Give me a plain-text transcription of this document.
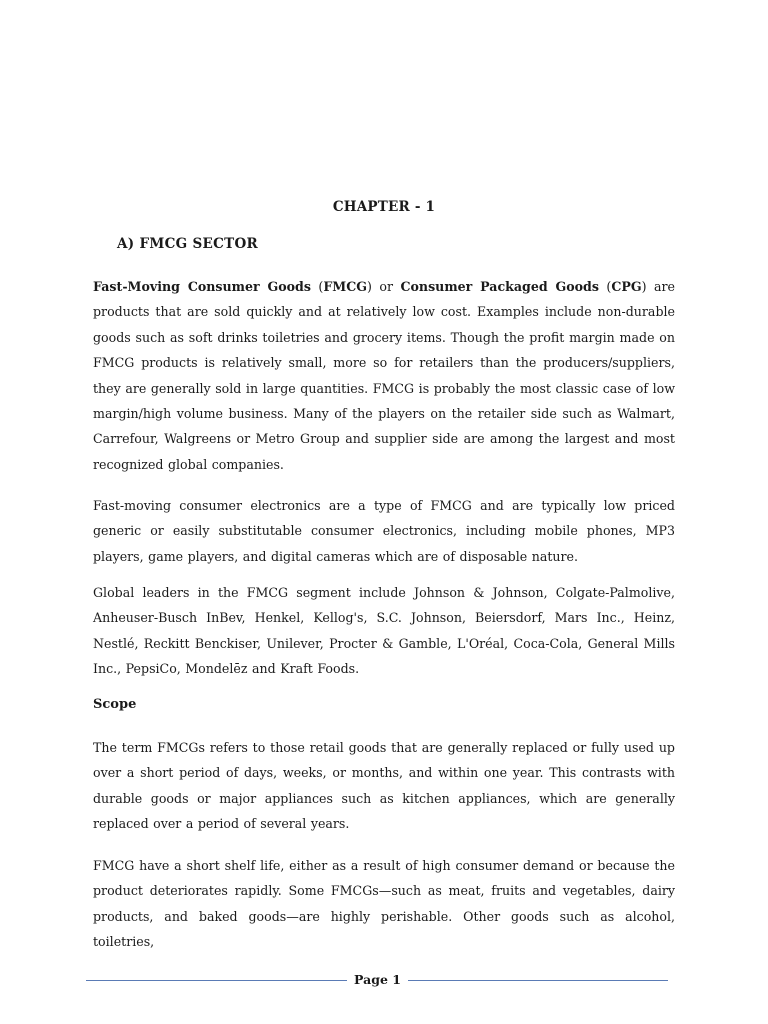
CHAPTER - 1
A) FMCG SECTOR

Fast-Moving Consumer Goods (FMCG) or Consumer Packaged Goods (CPG) are products that are sold quickly and at relatively low cost. Examples include non-durable goods such as soft drinks toiletries and grocery items. Though the profit margin made on FMCG products is relatively small, more so for retailers than the producers/suppliers, they are generally sold in large quantities. FMCG is probably the most classic case of low margin/high volume business. Many of the players on the retailer side such as Walmart, Carrefour, Walgreens or Metro Group and supplier side are among the largest and most recognized global companies.

Fast-moving consumer electronics are a type of FMCG and are typically low priced generic or easily substitutable consumer electronics, including mobile phones, MP3 players, game players, and digital cameras which are of disposable nature.

Global leaders in the FMCG segment include Johnson & Johnson, Colgate-Palmolive, Anheuser-Busch InBev, Henkel, Kellog's, S.C. Johnson, Beiersdorf, Mars Inc., Heinz, Nestlé, Reckitt Benckiser, Unilever, Procter & Gamble, L'Oréal, Coca-Cola, General Mills Inc., PepsiCo, Mondelēz and Kraft Foods.

Scope

The term FMCGs refers to those retail goods that are generally replaced or fully used up over a short period of days, weeks, or months, and within one year. This contrasts with durable goods or major appliances such as kitchen appliances, which are generally replaced over a period of several years.

FMCG have a short shelf life, either as a result of high consumer demand or because the product deteriorates rapidly. Some FMCGs—such as meat, fruits and vegetables, dairy products, and baked goods—are highly perishable. Other goods such as alcohol, toiletries,

Page 1
